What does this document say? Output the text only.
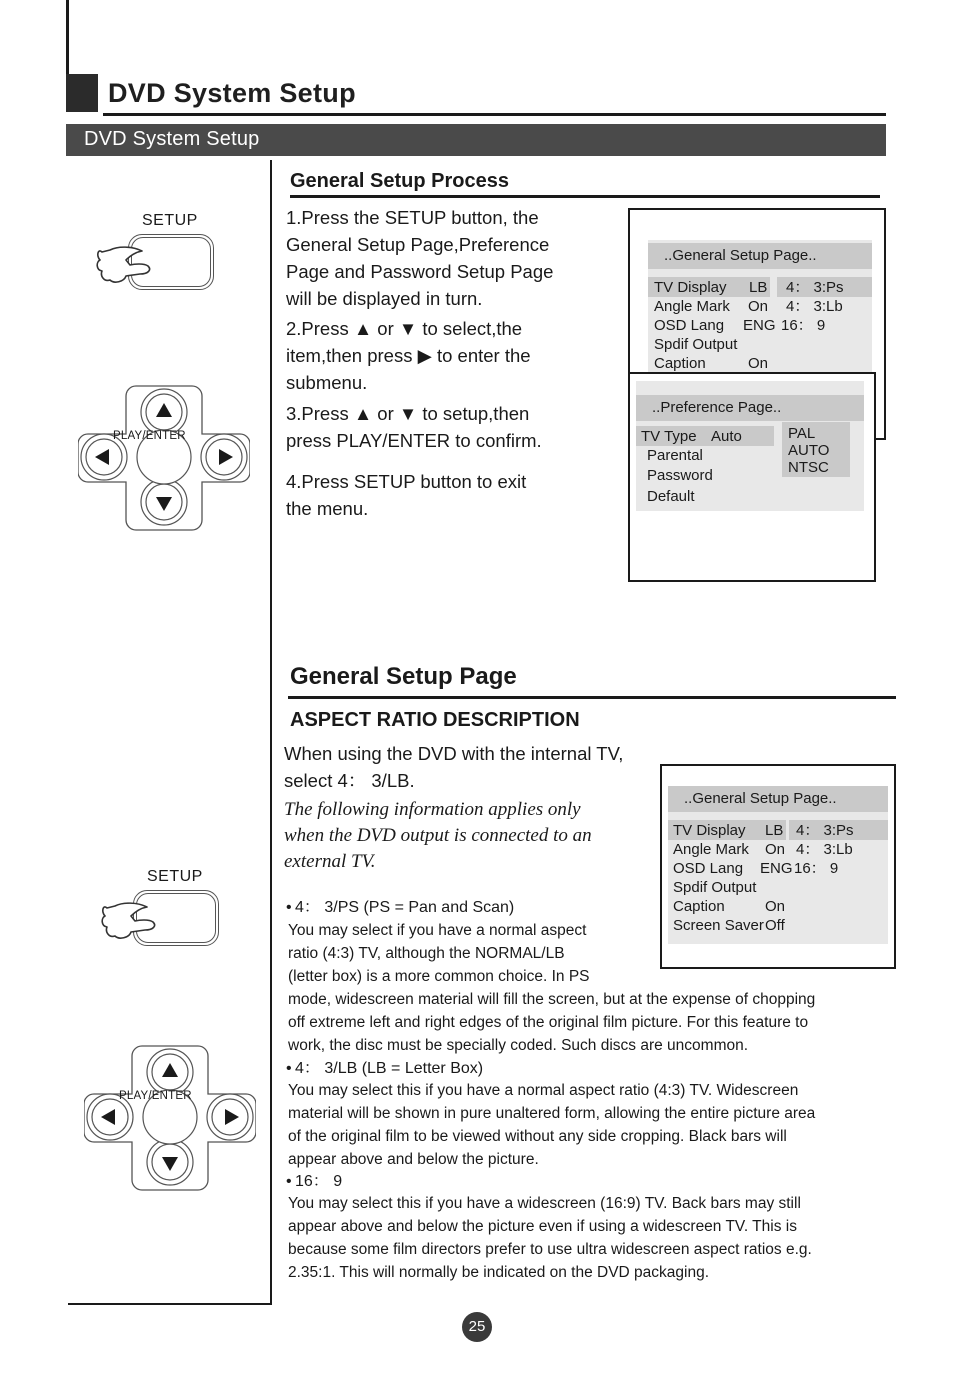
DVD System Setup
DVD System Setup
General Setup Process
1.Press the SETUP button, the
General Setup Page,Preference
Page and Password Setup Page
will be displayed in turn.
2.Press ▲ or ▼ to select,the
item,then press ▶ to enter the
submenu.
3.Press ▲ or ▼ to setup,then
press PLAY/ENTER to confirm.
4.Press SETUP button to exit
the menu.
SETUP
PLAY/ENTER
..General Setup Page..
TV Display LB 4： 3:Ps
Angle Mark On 4： 3:Lb
OSD Lang ENG 16： 9
Spdif Output
Caption	On
..Preference Page..
TV Type Auto
Parental
Password
Default
PAL
AUTO
NTSC
General Setup Page
ASPECT RATIO DESCRIPTION
When using the DVD with the internal TV,
select 4： 3/LB.
The following information applies only
when the DVD output is connected to an
external TV.
• 4： 3/PS (PS = Pan and Scan)
You may select if you have a normal aspect
ratio (4:3) TV, although the NORMAL/LB
(letter box) is a more common choice. In PS
mode, widescreen material will fill the screen, but at the expense of chopping
off extreme left and right edges of the original film picture. For this feature to
work, the disc must be specially coded. Such discs are uncommon.
• 4： 3/LB (LB = Letter Box)
You may select this if you have a normal aspect ratio (4:3) TV. Widescreen
material will be shown in pure unaltered form, allowing the entire picture area
of the original film to be viewed without any side cropping. Black bars will
appear above and below the picture.
• 16： 9
You may select this if you have a widescreen (16:9) TV. Back bars may still
appear above and below the picture even if using a widescreen TV. This is
because some film directors prefer to use ultra widescreen aspect ratios e.g.
2.35:1. This will normally be indicated on the DVD packaging.
SETUP
PLAY/ENTER
..General Setup Page..
TV Display LB 4： 3:Ps
Angle Mark On 4： 3:Lb
OSD Lang ENG 16： 9
Spdif Output
Caption	On
Screen Saver Off
25
